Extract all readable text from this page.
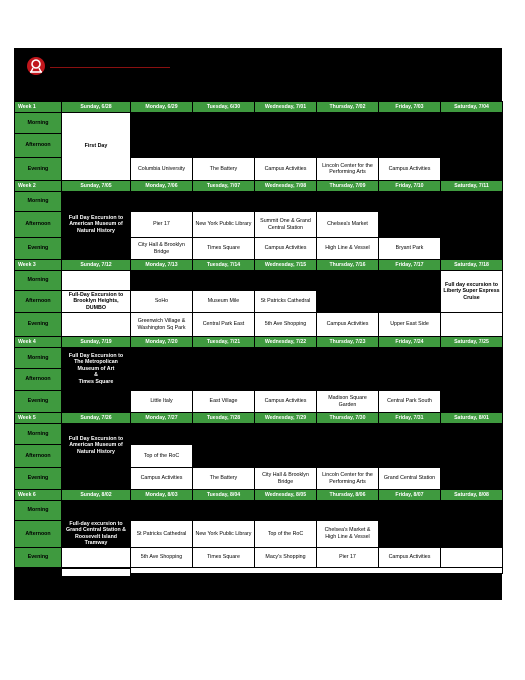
Week 1	Sunday, 6/28	Monday, 6/29	Tuesday, 6/30	Wednesday, 7/01	Thursday, 7/02	Friday, 7/03	Saturday, 7/04
Morning	First Day						
Afternoon							
Evening		Columbia University	The Battery	Campus Activities	Lincoln Center for the Performing Arts	Campus Activities	
Week 2	Sunday, 7/05	Monday, 7/06	Tuesday, 7/07	Wednesday, 7/08	Thursday, 7/09	Friday, 7/10	Saturday, 7/11
Morning							
Afternoon	Full Day Excursion to American Museum of Natural History	Pier 17	New York Public Library	Summit One & Grand Central Station	Chelsea's Market		
Evening		City Hall & Brooklyn Bridge	Times Square	Campus Activities	High Line & Vessel	Bryant Park	
Week 3	Sunday, 7/12	Monday, 7/13	Tuesday, 7/14	Wednesday, 7/15	Thursday, 7/16	Friday, 7/17	Saturday, 7/18
Morning							Full day excursion to Liberty Super Express Cruise
Afternoon	Full-Day Excursion to Brooklyn Heights, DUMBO	SoHo	Museum Mile	St Patricks Cathedral			
Evening		Greenwich Village & Washington Sq Park	Central Park East	5th Ave Shopping	Campus Activities	Upper East Side	
Week 4	Sunday, 7/19	Monday, 7/20	Tuesday, 7/21	Wednesday, 7/22	Thursday, 7/23	Friday, 7/24	Saturday, 7/25
Morning	Full Day Excursion to The Metropolican Museum of Art
&
Times Square						

Afternoon							
Evening		Little Italy	East Village	Campus Activities	Madison Square Garden	Central Park South	
Week 5	Sunday, 7/26	Monday, 7/27	Tuesday, 7/28	Wednesday, 7/29	Thursday, 7/30	Friday, 7/31	Saturday, 8/01
Morning	Full Day Excursion to American Museum of Natural History						
Afternoon		Top of the RoC					
Evening		Campus Activities	The Battery	City Hall & Brooklyn Bridge	Lincoln Center for the Performing Arts	Grand Central Station	
Week 6	Sunday, 8/02	Monday, 8/03	Tuesday, 8/04	Wednesday, 8/05	Thursday, 8/06	Friday, 8/07	Saturday, 8/08
Morning							
Afternoon	Full-day excursion to Grand Central Station & Roosevelt Island Tramway	St Patricks Cathedral	New York Public Library	Top of the RoC	Chelsea's Market & High Line & Vessel		
Evening		5th Ave Shopping	Times Square	Macy's Shopping	Pier 17	Campus Activities	
